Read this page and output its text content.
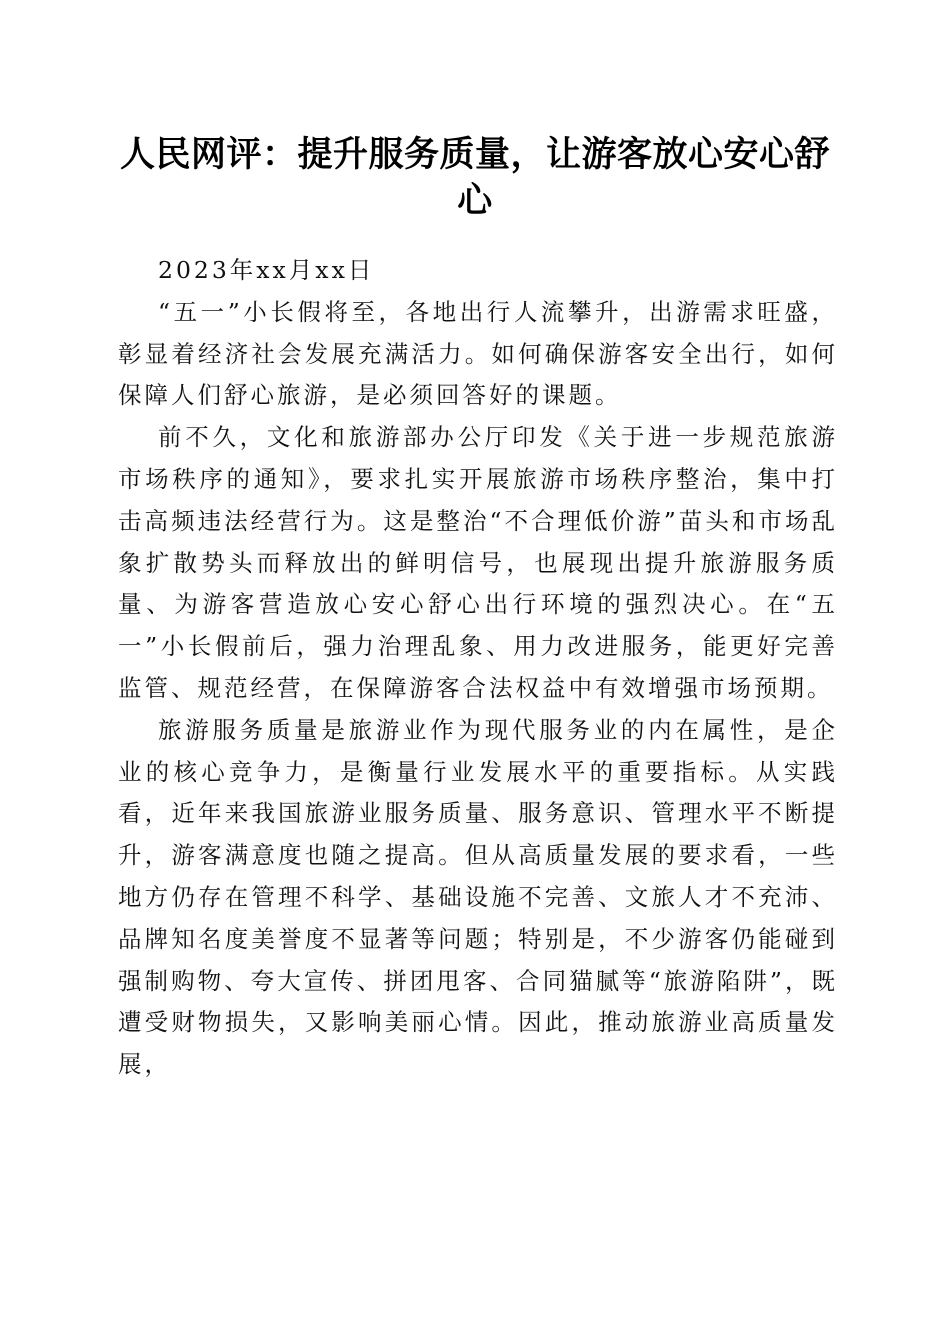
人民网评：提升服务质量，让游客放心安心舒心

2023年xx月xx日

“五一”小长假将至，各地出行人流攀升，出游需求旺盛，彰显着经济社会发展充满活力。如何确保游客安全出行，如何保障人们舒心旅游，是必须回答好的课题。

前不久，文化和旅游部办公厅印发《关于进一步规范旅游市场秩序的通知》，要求扎实开展旅游市场秩序整治，集中打击高频违法经营行为。这是整治“不合理低价游”苗头和市场乱象扩散势头而释放出的鲜明信号，也展现出提升旅游服务质量、为游客营造放心安心舒心出行环境的强烈决心。在“五一”小长假前后，强力治理乱象、用力改进服务，能更好完善监管、规范经营，在保障游客合法权益中有效增强市场预期。

旅游服务质量是旅游业作为现代服务业的内在属性，是企业的核心竞争力，是衡量行业发展水平的重要指标。从实践看，近年来我国旅游业服务质量、服务意识、管理水平不断提升，游客满意度也随之提高。但从高质量发展的要求看，一些地方仍存在管理不科学、基础设施不完善、文旅人才不充沛、品牌知名度美誉度不显著等问题；特别是，不少游客仍能碰到强制购物、夸大宣传、拼团甩客、合同猫腻等“旅游陷阱”，既遭受财物损失，又影响美丽心情。因此，推动旅游业高质量发展，
